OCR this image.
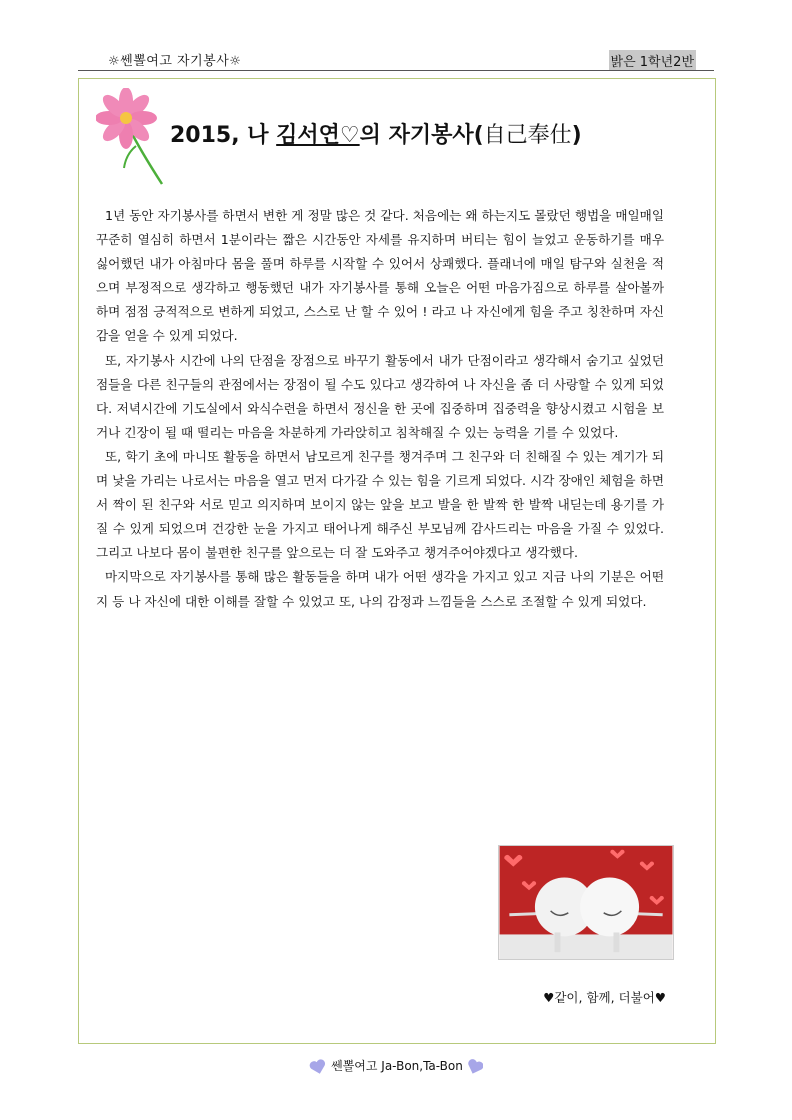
☼쎈뽈여고 자기봉사☼	밝은 1학년2반
2015, 나 김서연♡의 자기봉사(自己奉仕)

1년 동안 자기봉사를 하면서 변한 게 정말 많은 것 같다. 처음에는 왜 하는지도 몰랐던 행법을 매일매일 꾸준히 열심히 하면서 1분이라는 짧은 시간동안 자세를 유지하며 버티는 힘이 늘었고 운동하기를 매우 싫어했던 내가 아침마다 몸을 풀며 하루를 시작할 수 있어서 상쾌했다. 플래너에 매일 탐구와 실천을 적으며 부정적으로 생각하고 행동했던 내가 자기봉사를 통해 오늘은 어떤 마음가짐으로 하루를 살아볼까 하며 점점 긍적적으로 변하게 되었고, 스스로 난 할 수 있어 ! 라고 나 자신에게 힘을 주고 칭찬하며 자신감을 얻을 수 있게 되었다.

또, 자기봉사 시간에 나의 단점을 장점으로 바꾸기 활동에서 내가 단점이라고 생각해서 숨기고 싶었던 점들을 다른 친구들의 관점에서는 장점이 될 수도 있다고 생각하여 나 자신을 좀 더 사랑할 수 있게 되었다. 저녁시간에 기도실에서 와식수련을 하면서 정신을 한 곳에 집중하며 집중력을 향상시켰고 시험을 보거나 긴장이 될 때 떨리는 마음을 차분하게 가라앉히고 침착해질 수 있는 능력을 기를 수 있었다.

또, 학기 초에 마니또 활동을 하면서 남모르게 친구를 챙겨주며 그 친구와 더 친해질 수 있는 계기가 되며 낯을 가리는 나로서는 마음을 열고 먼저 다가갈 수 있는 힘을 기르게 되었다. 시각 장애인 체험을 하면서 짝이 된 친구와 서로 믿고 의지하며 보이지 않는 앞을 보고 발을 한 발짝 한 발짝 내딛는데 용기를 가질 수 있게 되었으며 건강한 눈을 가지고 태어나게 해주신 부모님께 감사드리는 마음을 가질 수 있었다. 그리고 나보다 몸이 불편한 친구를 앞으로는 더 잘 도와주고 챙겨주어야겠다고 생각했다.

마지막으로 자기봉사를 통해 많은 활동들을 하며 내가 어떤 생각을 가지고 있고 지금 나의 기분은 어떤지 등 나 자신에 대한 이해를 잘할 수 있었고 또, 나의 감정과 느낌들을 스스로 조절할 수 있게 되었다.

♥같이, 함께, 더불어♥
쎈뽈여고 Ja-Bon,Ta-Bon
